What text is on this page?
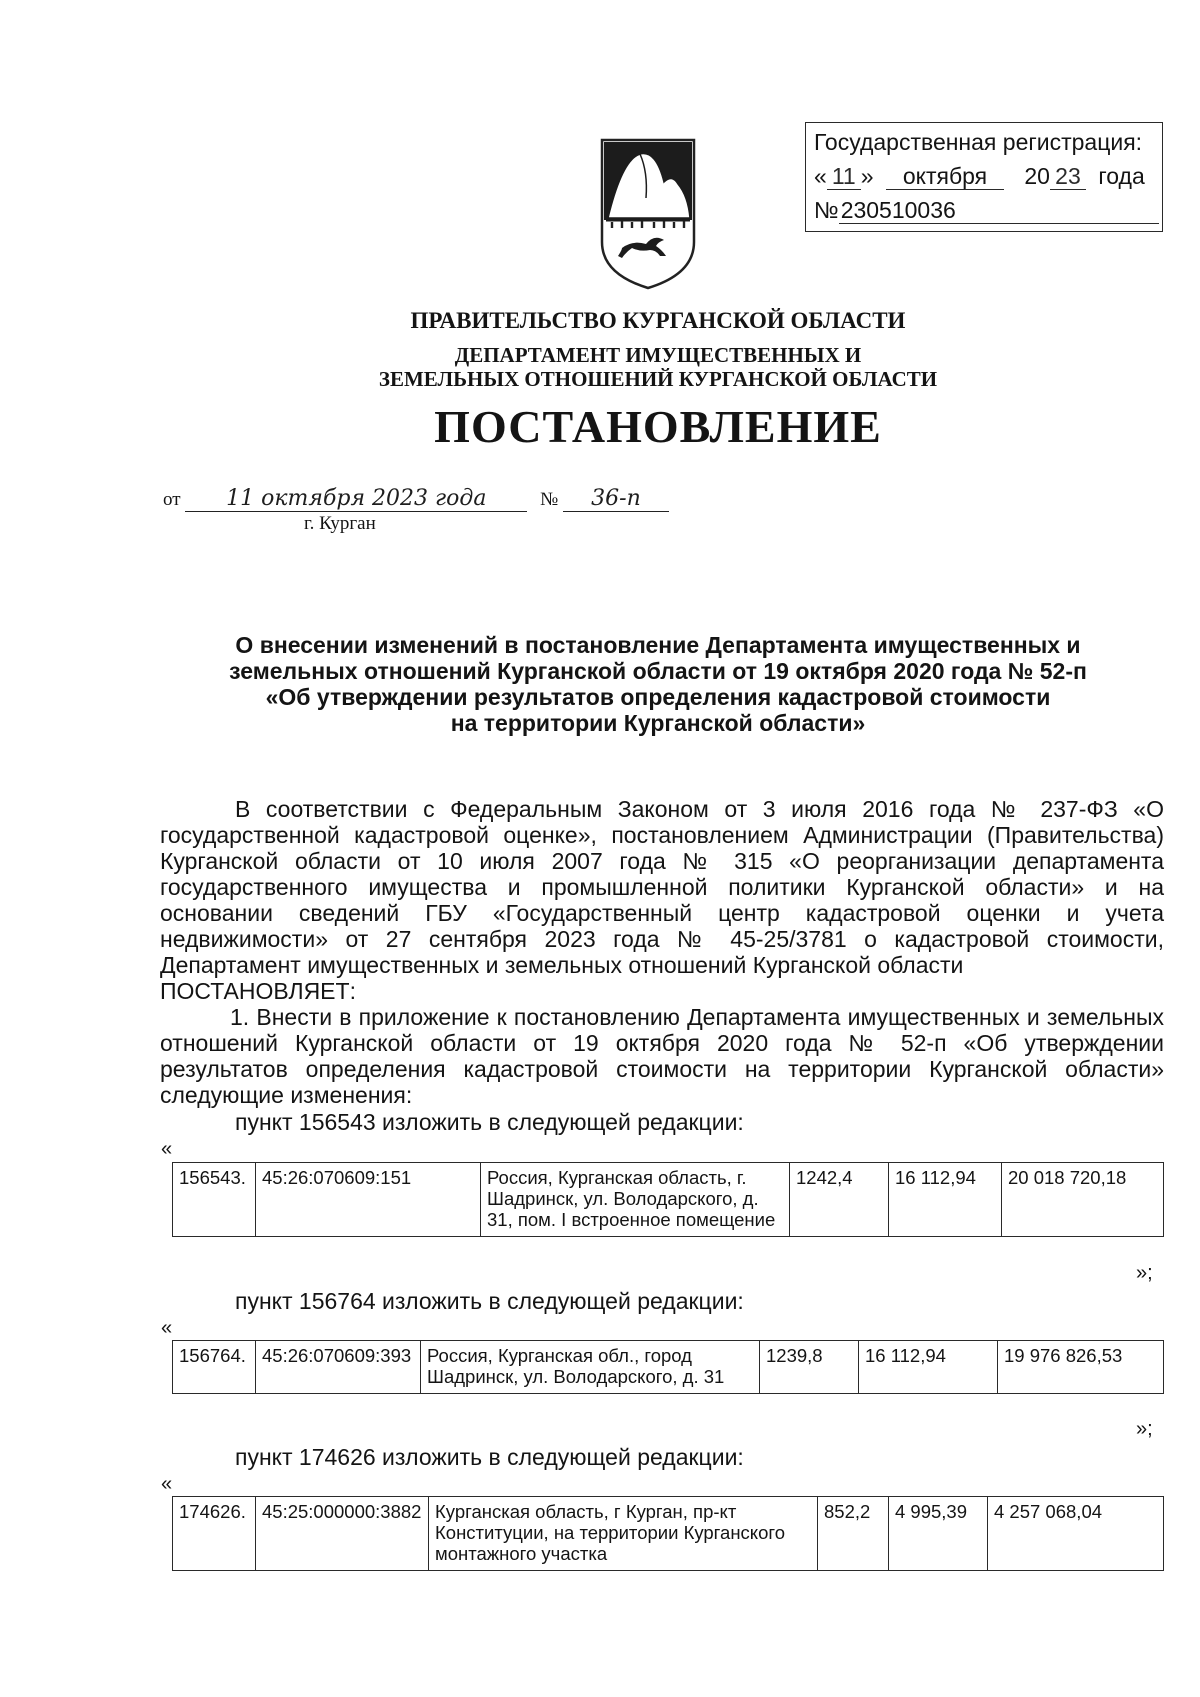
Государственная регистрация:
« 11 » октября 20 23 года
№230510036
ПРАВИТЕЛЬСТВО КУРГАНСКОЙ ОБЛАСТИ
ДЕПАРТАМЕНТ ИМУЩЕСТВЕННЫХ И
ЗЕМЕЛЬНЫХ ОТНОШЕНИЙ КУРГАНСКОЙ ОБЛАСТИ
ПОСТАНОВЛЕНИЕ
от 11 октября 2023 года	№ 36-п
г. Курган
О внесении изменений в постановление Департамента имущественных и
земельных отношений Курганской области от 19 октября 2020 года № 52-п
«Об утверждении результатов определения кадастровой стоимости
на территории Курганской области»
В соответствии с Федеральным Законом от 3 июля 2016 года № 237-ФЗ «О государственной кадастровой оценке», постановлением Администрации (Правительства) Курганской области от 10 июля 2007 года № 315 «О реорганизации департамента государственного имущества и промышленной политики Курганской области» и на основании сведений ГБУ «Государственный центр кадастровой оценки и учета недвижимости» от 27 сентября 2023 года № 45-25/3781 о кадастровой стоимости, Департамент имущественных и земельных отношений Курганской области
ПОСТАНОВЛЯЕТ:
1. Внести в приложение к постановлению Департамента имущественных и земельных отношений Курганской области от 19 октября 2020 года № 52-п «Об утверждении результатов определения кадастровой стоимости на территории Курганской области» следующие изменения:
пункт 156543 изложить в следующей редакции:
«
156543.	45:26:070609:151	Россия, Курганская область, г. Шадринск, ул. Володарского, д. 31, пом. I встроенное помещение	1242,4	16 112,94	20 018 720,18
»;
пункт 156764 изложить в следующей редакции:
«
156764.	45:26:070609:393	Россия, Курганская обл., город Шадринск, ул. Володарского, д. 31	1239,8	16 112,94	19 976 826,53
»;
пункт 174626 изложить в следующей редакции:
«
174626.	45:25:000000:3882	Курганская область, г Курган, пр-кт Конституции, на территории Курганского монтажного участка	852,2	4 995,39	4 257 068,04
